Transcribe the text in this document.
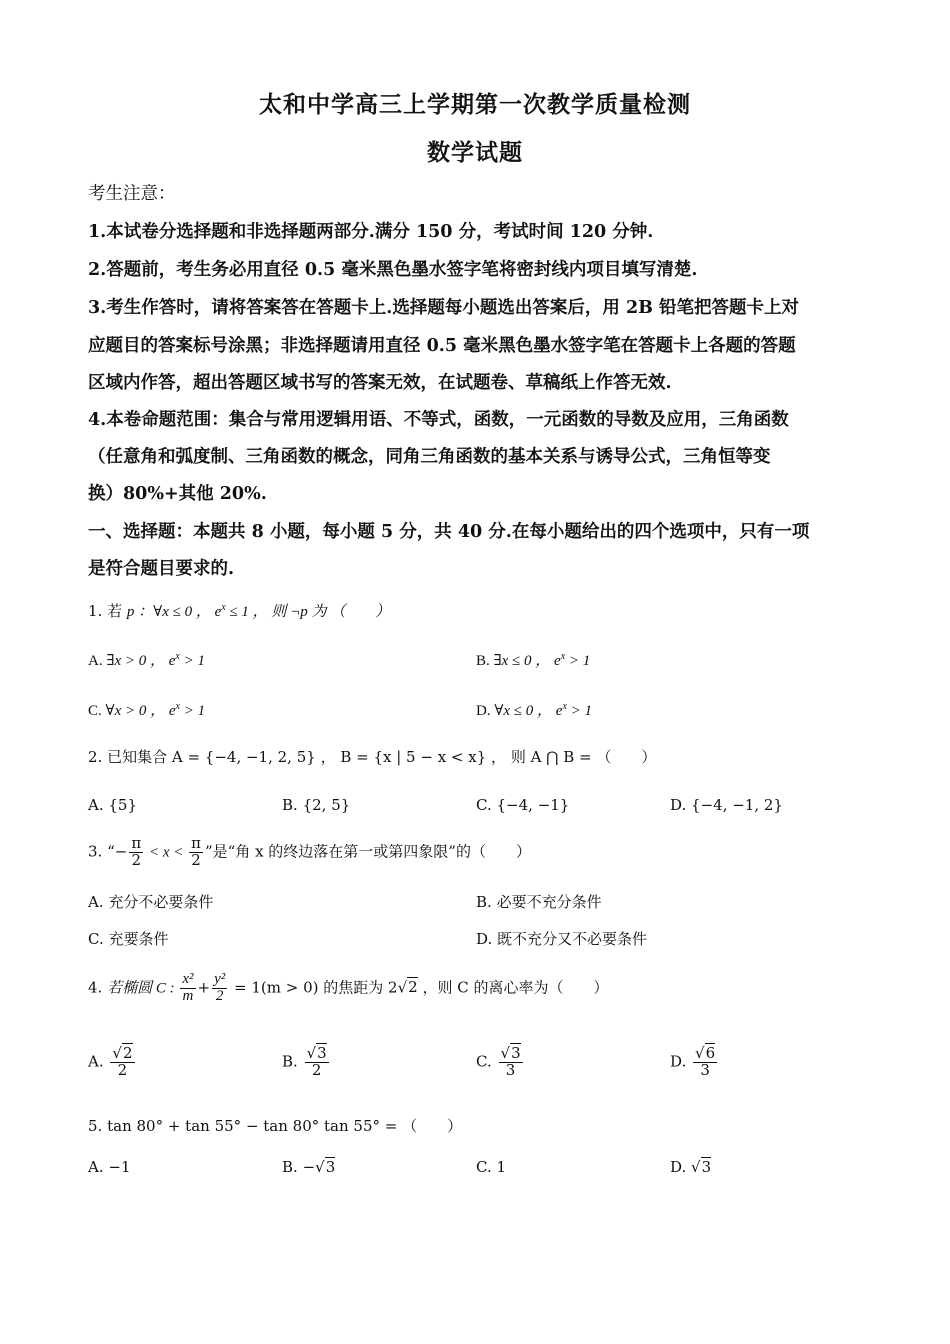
太和中学高三上学期第一次教学质量检测
数学试题
考生注意：
1.本试卷分选择题和非选择题两部分.满分 150 分，考试时间 120 分钟.
2.答题前，考生务必用直径 0.5 毫米黑色墨水签字笔将密封线内项目填写清楚.
3.考生作答时，请将答案答在答题卡上.选择题每小题选出答案后，用 2B 铅笔把答题卡上对
应题目的答案标号涂黑；非选择题请用直径 0.5 毫米黑色墨水签字笔在答题卡上各题的答题
区域内作答，超出答题区域书写的答案无效，在试题卷、草稿纸上作答无效.
4.本卷命题范围：集合与常用逻辑用语、不等式，函数，一元函数的导数及应用，三角函数
（任意角和弧度制、三角函数的概念，同角三角函数的基本关系与诱导公式，三角恒等变
换）80%+其他 20%.
一、选择题：本题共 8 小题，每小题 5 分，共 40 分.在每小题给出的四个选项中，只有一项
是符合题目要求的.
1. 若 p ：∀x ≤ 0 ， $e^x \le 1$ ， 则 ¬p 为 （　　）
A. ∃x > 0 ， $e^x > 1$	B. ∃x ≤ 0 ， $e^x > 1$
C. ∀x > 0 ， $e^x > 1$	D. ∀x ≤ 0 ， $e^x > 1$
2. 已知集合 A = {−4, −1, 2, 5} ， B = {x | 5 − x < x} ， 则 A ⋂ B = （　　）
A. {5}	B. {2, 5}	C. {−4, −1}	D. {−4, −1, 2}
3. “− $\frac{\pi}{2} < x < \frac{\pi}{2}$ ”是“角 x 的终边落在第一或第四象限”的（　　）
A. 充分不必要条件	B. 必要不充分条件
C. 充要条件	D. 既不充分又不必要条件
4. 若椭圆 C : $\frac{\text{x²}}{m} + \frac{\text{y²}}{2} = 1(m > 0)$ 的焦距为 2√2 ，则 C 的离心率为（　　）
A. $\frac{√2}{2}$	B. $\frac{√3}{2}$	C. $\frac{√3}{3}$	D. $\frac{√6}{3}$
5. tan 80° + tan 55° − tan 80° tan 55° = （　　）
A. −1	B. −√3	C. 1	D. √3
